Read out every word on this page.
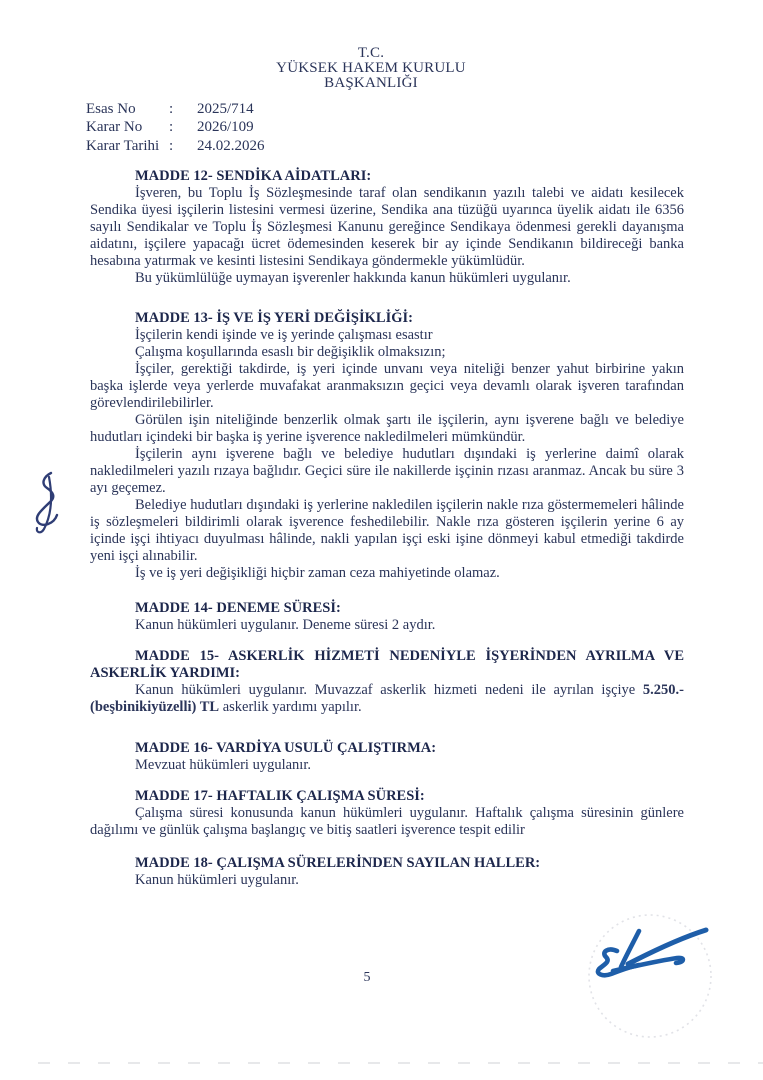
T.C.
YÜKSEK HAKEM KURULU
BAŞKANLIĞI
Esas No : 2025/714
Karar No : 2026/109
Karar Tarihi : 24.02.2026
MADDE 12- SENDİKA AİDATLARI:
İşveren, bu Toplu İş Sözleşmesinde taraf olan sendikanın yazılı talebi ve aidatı kesilecek Sendika üyesi işçilerin listesini vermesi üzerine, Sendika ana tüzüğü uyarınca üyelik aidatı ile 6356 sayılı Sendikalar ve Toplu İş Sözleşmesi Kanunu gereğince Sendikaya ödenmesi gerekli dayanışma aidatını, işçilere yapacağı ücret ödemesinden keserek bir ay içinde Sendikanın bildireceği banka hesabına yatırmak ve kesinti listesini Sendikaya göndermekle yükümlüdür.
Bu yükümlülüğe uymayan işverenler hakkında kanun hükümleri uygulanır.
MADDE 13- İŞ VE İŞ YERİ DEĞİŞİKLİĞİ:
İşçilerin kendi işinde ve iş yerinde çalışması esastır
Çalışma koşullarında esaslı bir değişiklik olmaksızın;
İşçiler, gerektiği takdirde, iş yeri içinde unvanı veya niteliği benzer yahut birbirine yakın başka işlerde veya yerlerde muvafakat aranmaksızın geçici veya devamlı olarak işveren tarafından görevlendirilebilirler.
Görülen işin niteliğinde benzerlik olmak şartı ile işçilerin, aynı işverene bağlı ve belediye hudutları içindeki bir başka iş yerine işverence nakledilmeleri mümkündür.
İşçilerin aynı işverene bağlı ve belediye hudutları dışındaki iş yerlerine daimî olarak nakledilmeleri yazılı rızaya bağlıdır. Geçici süre ile nakillerde işçinin rızası aranmaz. Ancak bu süre 3 ayı geçemez.
Belediye hudutları dışındaki iş yerlerine nakledilen işçilerin nakle rıza göstermemeleri hâlinde iş sözleşmeleri bildirimli olarak işverence feshedilebilir. Nakle rıza gösteren işçilerin yerine 6 ay içinde işçi ihtiyacı duyulması hâlinde, nakli yapılan işçi eski işine dönmeyi kabul etmediği takdirde yeni işçi alınabilir.
İş ve iş yeri değişikliği hiçbir zaman ceza mahiyetinde olamaz.
MADDE 14- DENEME SÜRESİ:
Kanun hükümleri uygulanır. Deneme süresi 2 aydır.
MADDE 15- ASKERLİK HİZMETİ NEDENİYLE İŞYERİNDEN AYRILMA VE ASKERLİK YARDIMI:
Kanun hükümleri uygulanır. Muvazzaf askerlik hizmeti nedeni ile ayrılan işçiye 5.250.- (beşbinikiyüzelli) TL askerlik yardımı yapılır.
MADDE 16- VARDİYA USULÜ ÇALIŞTIRMA:
Mevzuat hükümleri uygulanır.
MADDE 17- HAFTALIK ÇALIŞMA SÜRESİ:
Çalışma süresi konusunda kanun hükümleri uygulanır. Haftalık çalışma süresinin günlere dağılımı ve günlük çalışma başlangıç ve bitiş saatleri işverence tespit edilir
MADDE 18- ÇALIŞMA SÜRELERİNDEN SAYILAN HALLER:
Kanun hükümleri uygulanır.
5
